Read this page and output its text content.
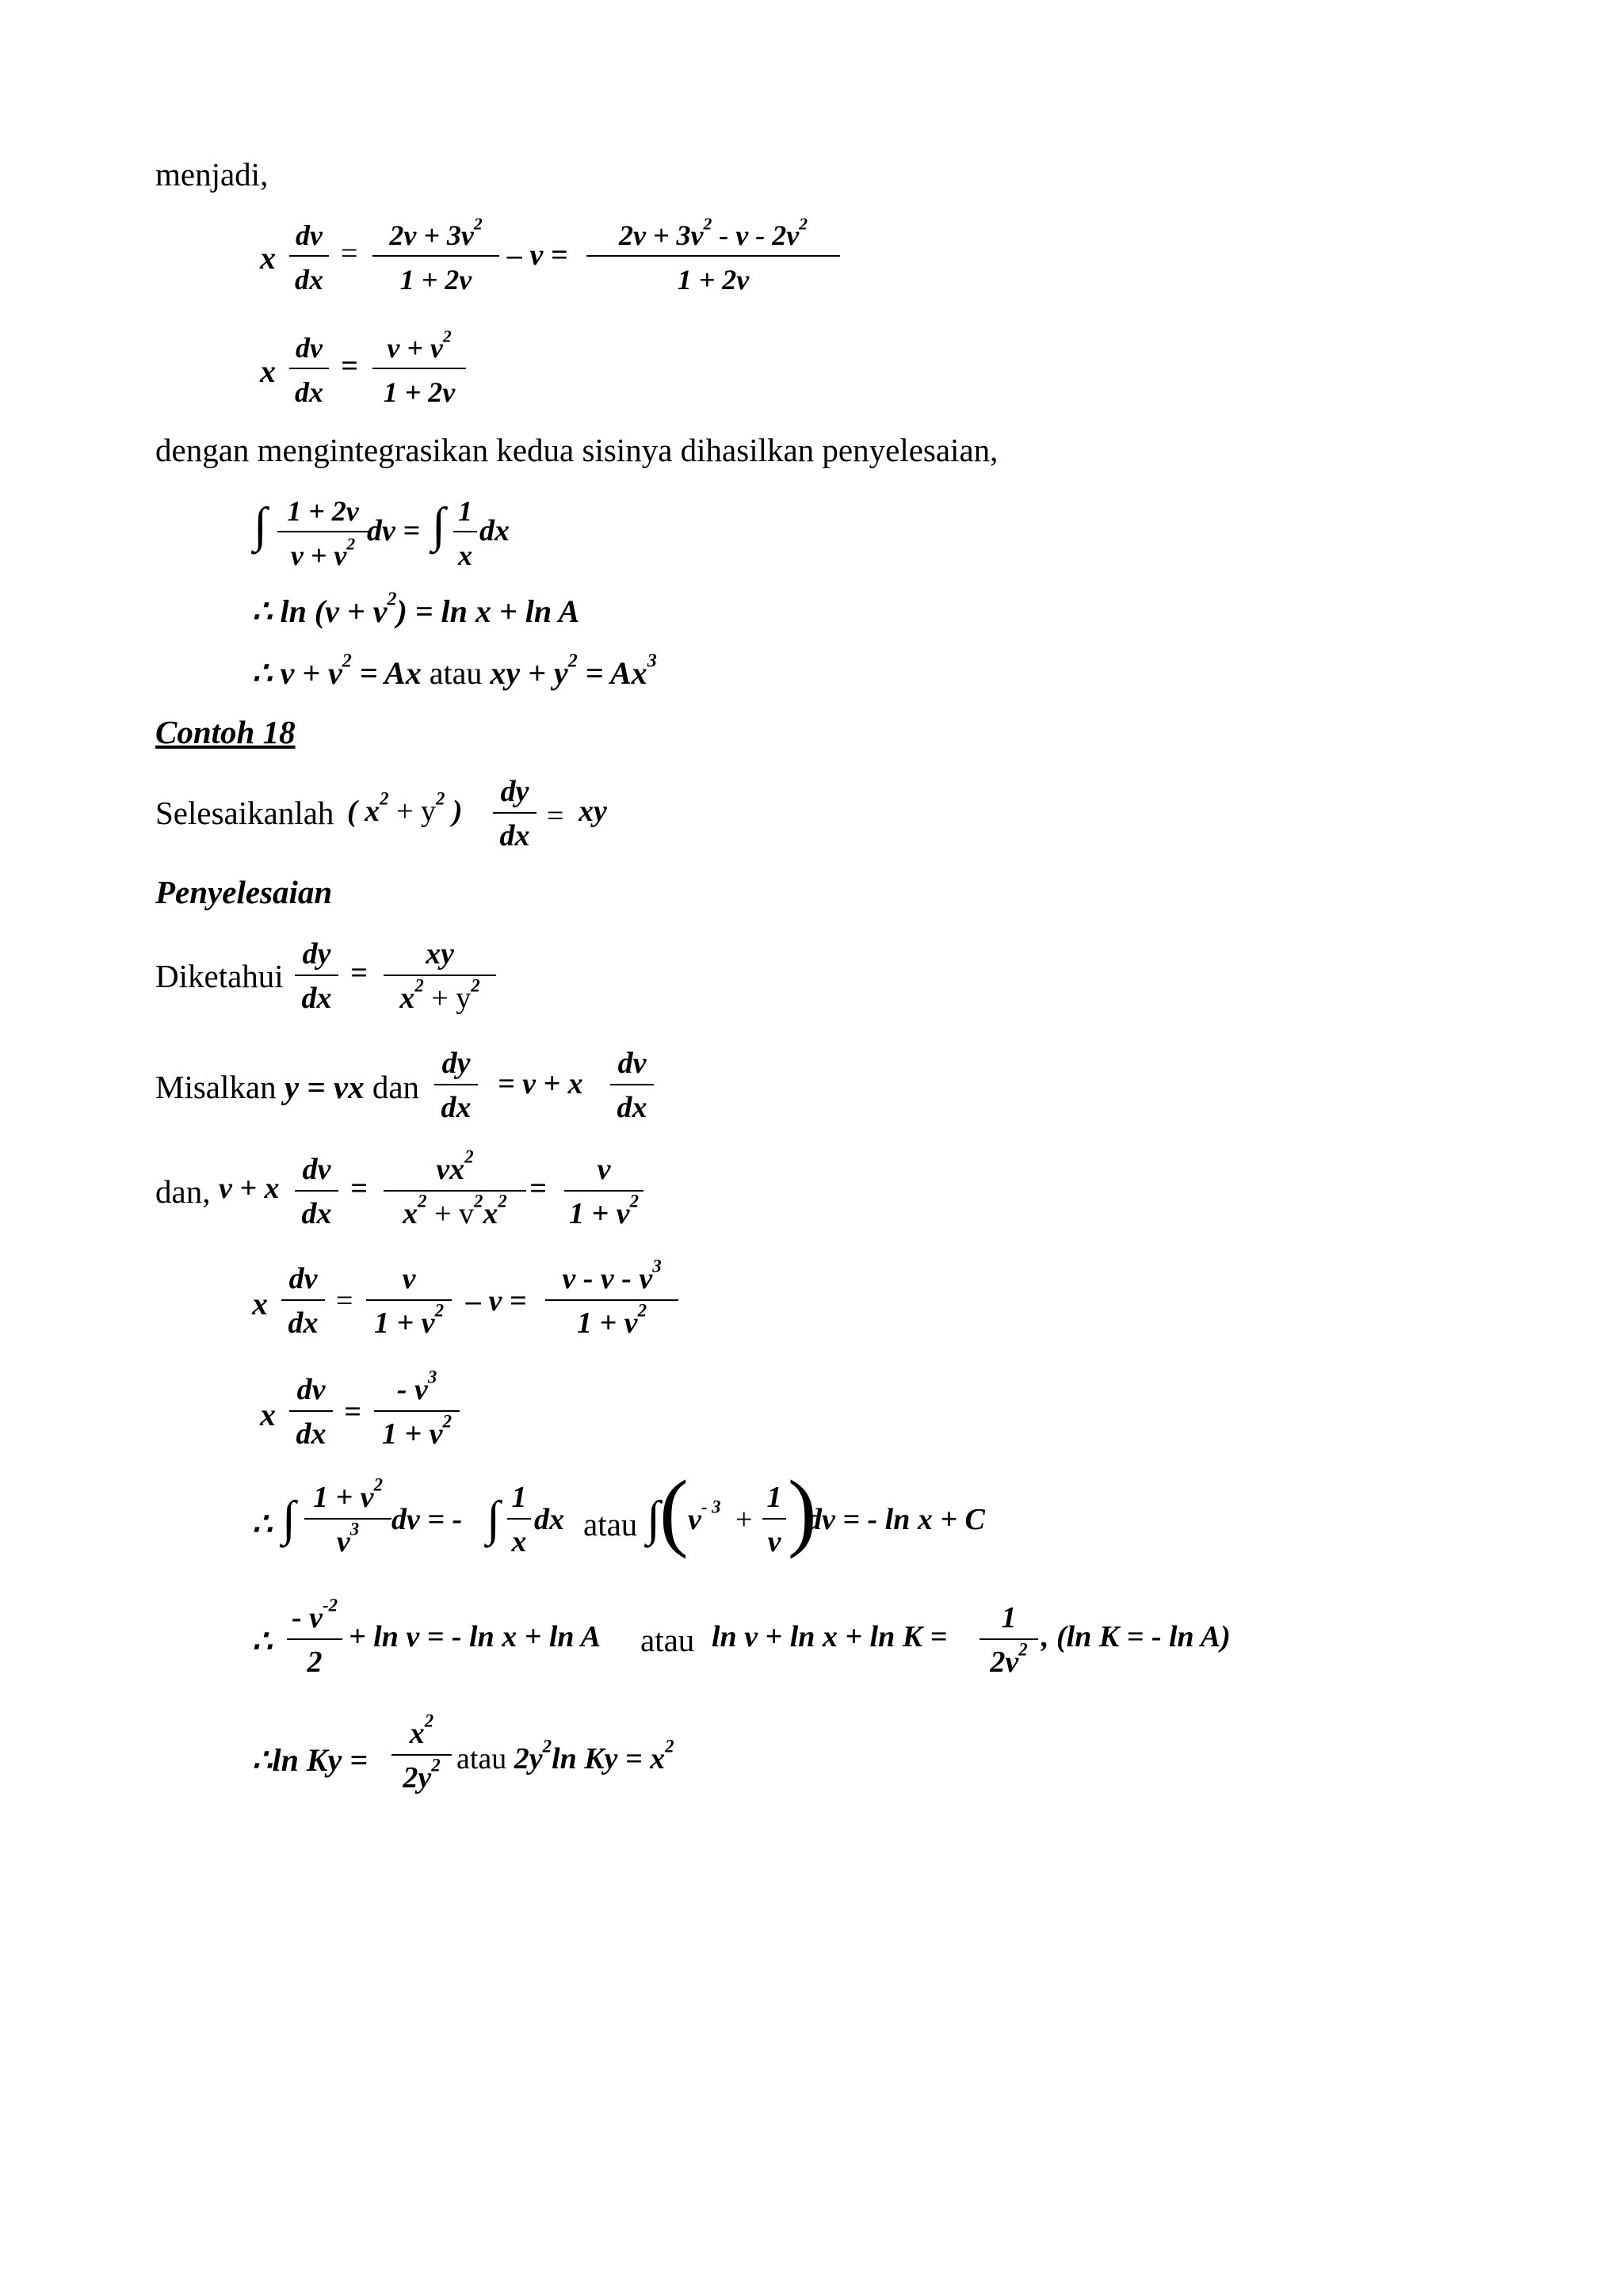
menjadi,
x
dv
dx
=
$2v + 3v^2$
1 + 2v
– v =
$2v + 3v^2 - v - 2v^2$
1 + 2v
x
dv
dx
=
$v + v^2$
1 + 2v
dengan mengintegrasikan kedua sisinya dihasilkan penyelesaian,
∫ 1 + 2v
$v + v^2$ dv = ∫ 1
x
dx
∴ $\ln (v + v^2) = \ln x + \ln A$
∴ $v + v^2 = Ax$ atau xy + $y^2 = Ax^3$
Contoh 18
Selesaikanlah ( $x^2 + y^2$ )
dy
dx
= xy
Penyelesaian
Diketahui
dy
dx
=
xy
$x^2 + y^2$
Misalkan y = vx dan
dy
dx
= v + x
dv
dx
dan, v + x
dv
dx
=
$vx^2$
$x^2 + v^2x^2$ =
v
$1 + v^2$
x
dv
dx
=
v
$1 + v^2 - v$ =
v - v - $v^3$
$1 + v^2$
x
dv
dx
=
- $v^3$
$1 + v^2$
∴ ∫ $1 + v^2$
$v^3$	dv = - ∫ 1
x
dx atau ∫ ( $v^{- 3}$ +
1
v )
dv = - ln x + C
∴
- $v^{-2}$
2
+ ln v = - ln x + ln A atau ln v + ln x + ln K =
1
$2v^2$ , (ln K = - ln A)
∴ln Ky =
$x^2$
$2y^2$ atau $2y^2\ln$ $Ky = x^2$
